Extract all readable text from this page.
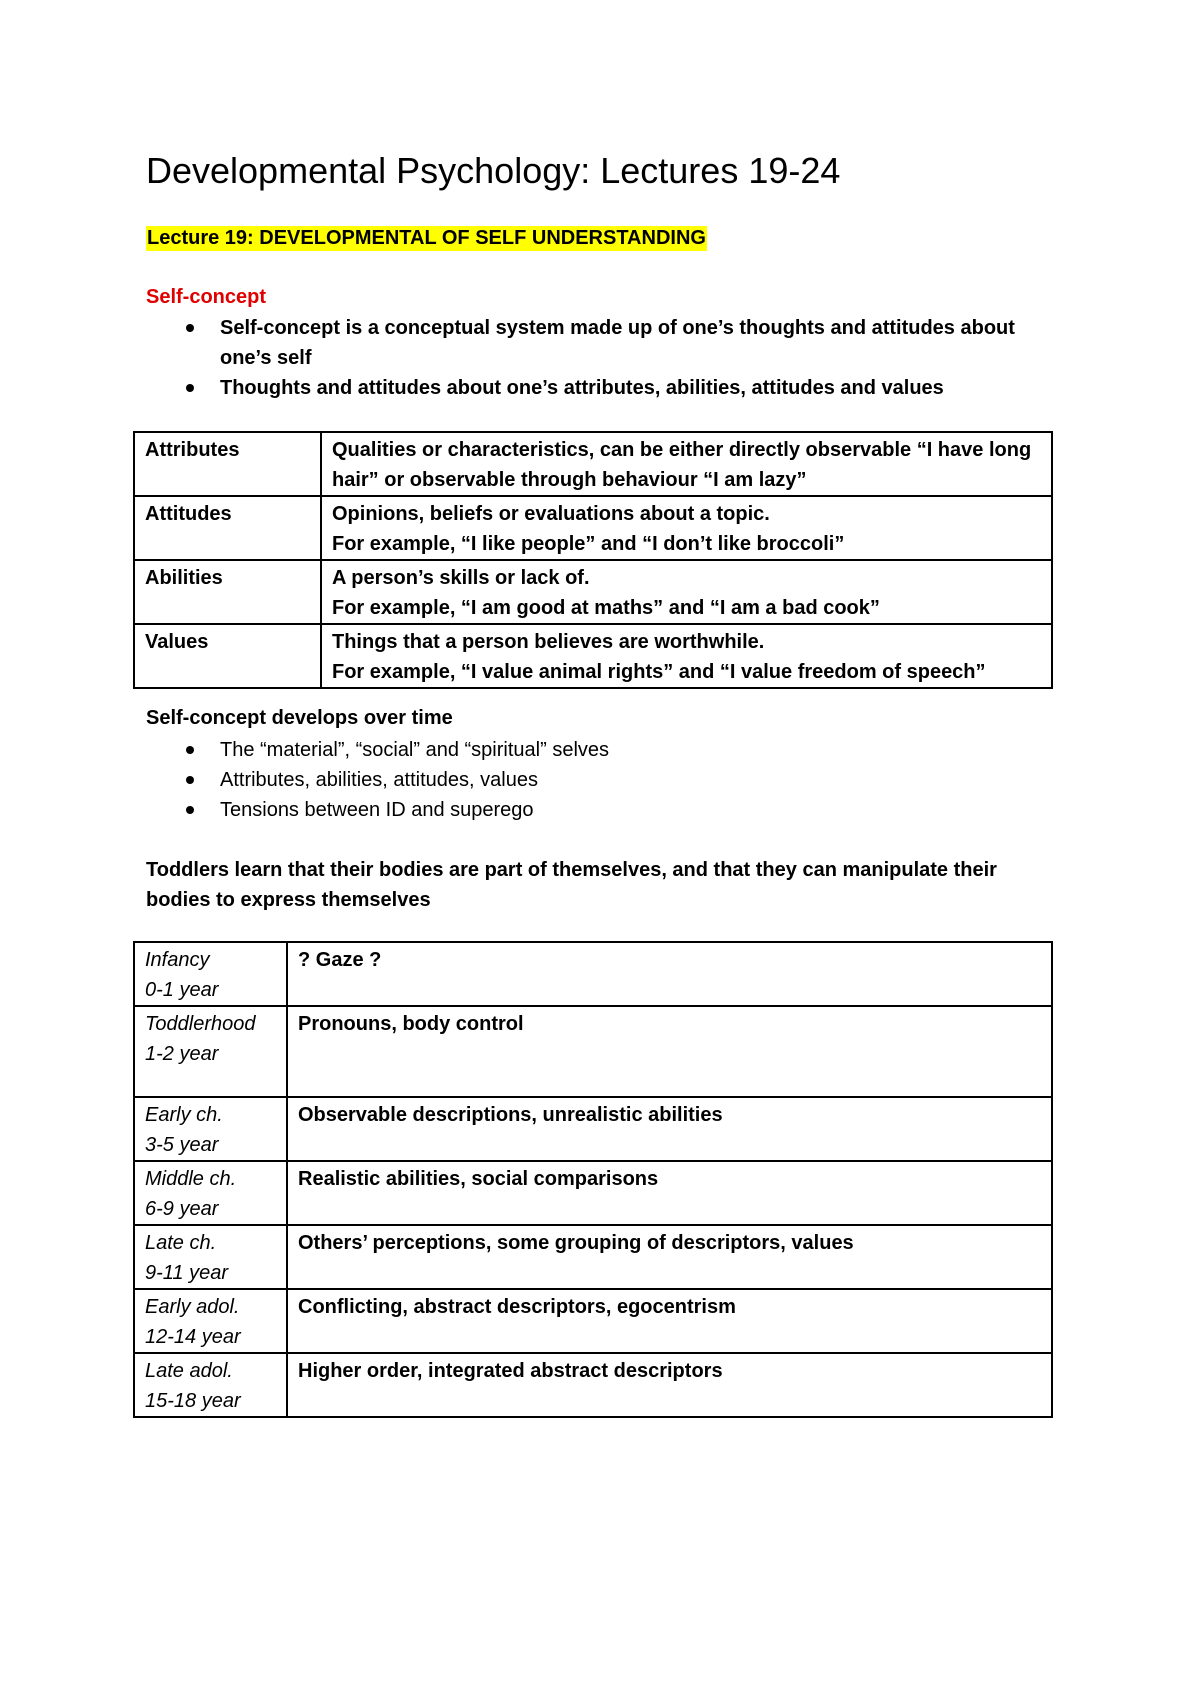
Developmental Psychology: Lectures 19-24
Lecture 19: DEVELOPMENTAL OF SELF UNDERSTANDING
Self-concept
Self-concept is a conceptual system made up of one’s thoughts and attitudes about one’s self
Thoughts and attitudes about one’s attributes, abilities, attitudes and values
Attributes	Qualities or characteristics, can be either directly observable “I have long hair” or observable through behaviour “I am lazy”

Attitudes	Opinions, beliefs or evaluations about a topic.
For example, “I like people” and “I don’t like broccoli”

Abilities	A person’s skills or lack of.
For example, “I am good at maths” and “I am a bad cook”

Values	Things that a person believes are worthwhile.
For example, “I value animal rights” and “I value freedom of speech”
Self-concept develops over time
The “material”, “social” and “spiritual” selves
Attributes, abilities, attitudes, values
Tensions between ID and superego

Toddlers learn that their bodies are part of themselves, and that they can manipulate their bodies to express themselves

Infancy
0-1 year	? Gaze ?

Toddlerhood
1-2 year	Pronouns, body control

Early ch.
3-5 year	Observable descriptions, unrealistic abilities

Middle ch.
6-9 year	Realistic abilities, social comparisons

Late ch.
9-11 year	Others’ perceptions, some grouping of descriptors, values

Early adol.
12-14 year	Conflicting, abstract descriptors, egocentrism

Late adol.
15-18 year	Higher order, integrated abstract descriptors
